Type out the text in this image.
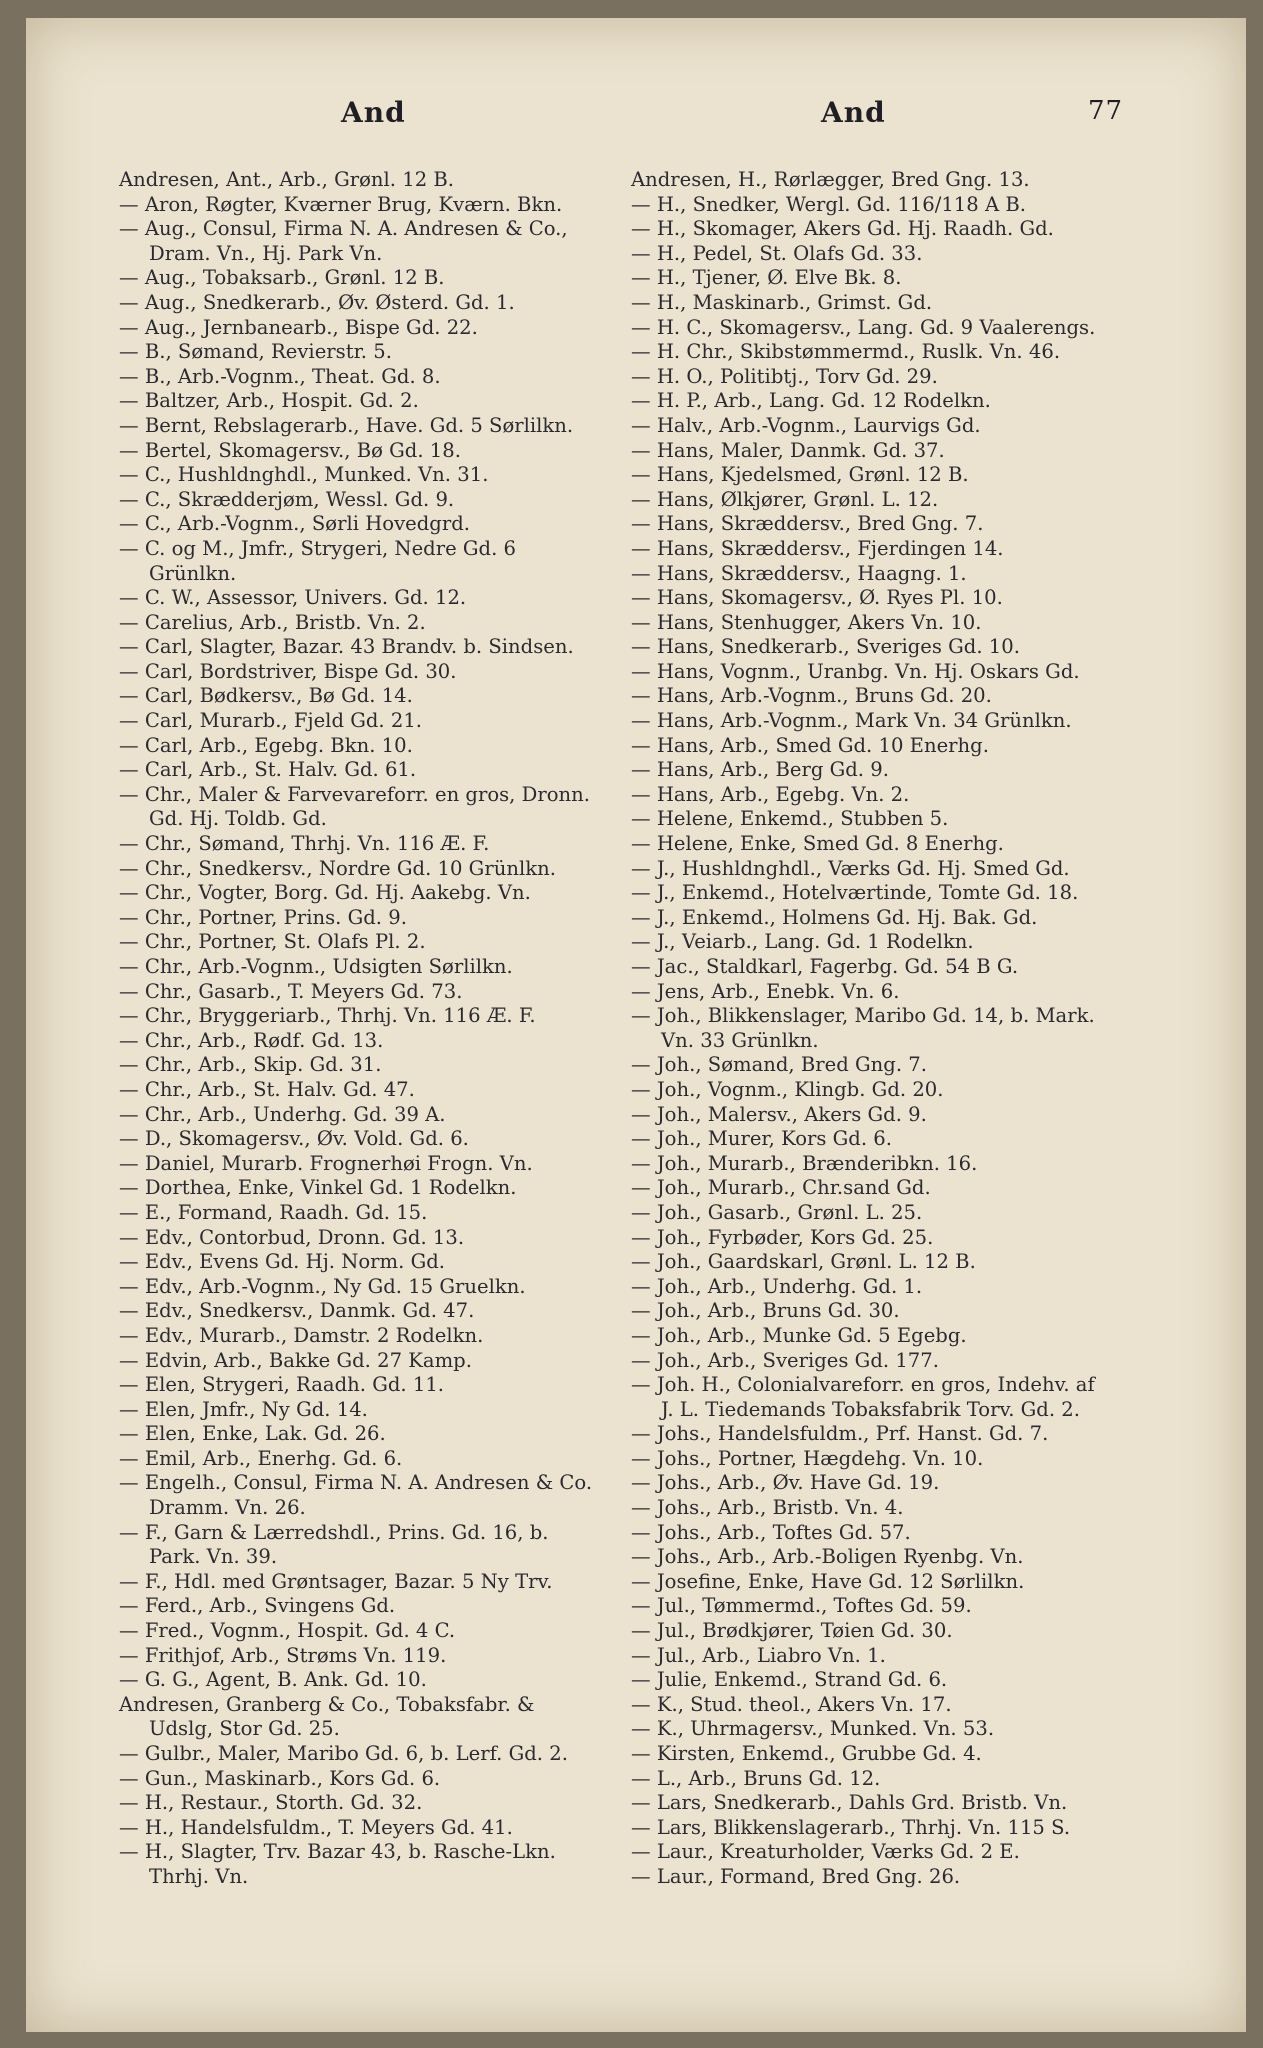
And	And	77
Andresen, Ant., Arb., Grønl. 12 B.
— Aron, Røgter, Kværner Brug, Kværn. Bkn.
— Aug., Consul, Firma N. A. Andresen & Co., Dram. Vn., Hj. Park Vn.
— Aug., Tobaksarb., Grønl. 12 B.
— Aug., Snedkerarb., Øv. Østerd. Gd. 1.
— Aug., Jernbanearb., Bispe Gd. 22.
— B., Sømand, Revierstr. 5.
— B., Arb.-Vognm., Theat. Gd. 8.
— Baltzer, Arb., Hospit. Gd. 2.
— Bernt, Rebslagerarb., Have. Gd. 5 Sørlilkn.
— Bertel, Skomagersv., Bø Gd. 18.
— C., Hushldnghdl., Munked. Vn. 31.
— C., Skrædderjøm, Wessl. Gd. 9.
— C., Arb.-Vognm., Sørli Hovedgrd.
— C. og M., Jmfr., Strygeri, Nedre Gd. 6 Grünlkn.
— C. W., Assessor, Univers. Gd. 12.
— Carelius, Arb., Bristb. Vn. 2.
— Carl, Slagter, Bazar. 43 Brandv. b. Sindsen.
— Carl, Bordstriver, Bispe Gd. 30.
— Carl, Bødkersv., Bø Gd. 14.
— Carl, Murarb., Fjeld Gd. 21.
— Carl, Arb., Egebg. Bkn. 10.
— Carl, Arb., St. Halv. Gd. 61.
— Chr., Maler & Farvevareforr. en gros, Dronn. Gd. Hj. Toldb. Gd.
— Chr., Sømand, Thrhj. Vn. 116 Æ. F.
— Chr., Snedkersv., Nordre Gd. 10 Grünlkn.
— Chr., Vogter, Borg. Gd. Hj. Aakebg. Vn.
— Chr., Portner, Prins. Gd. 9.
— Chr., Portner, St. Olafs Pl. 2.
— Chr., Arb.-Vognm., Udsigten Sørlilkn.
— Chr., Gasarb., T. Meyers Gd. 73.
— Chr., Bryggeriarb., Thrhj. Vn. 116 Æ. F.
— Chr., Arb., Rødf. Gd. 13.
— Chr., Arb., Skip. Gd. 31.
— Chr., Arb., St. Halv. Gd. 47.
— Chr., Arb., Underhg. Gd. 39 A.
— D., Skomagersv., Øv. Vold. Gd. 6.
— Daniel, Murarb. Frognerhøi Frogn. Vn.
— Dorthea, Enke, Vinkel Gd. 1 Rodelkn.
— E., Formand, Raadh. Gd. 15.
— Edv., Contorbud, Dronn. Gd. 13.
— Edv., Evens Gd. Hj. Norm. Gd.
— Edv., Arb.-Vognm., Ny Gd. 15 Gruelkn.
— Edv., Snedkersv., Danmk. Gd. 47.
— Edv., Murarb., Damstr. 2 Rodelkn.
— Edvin, Arb., Bakke Gd. 27 Kamp.
— Elen, Strygeri, Raadh. Gd. 11.
— Elen, Jmfr., Ny Gd. 14.
— Elen, Enke, Lak. Gd. 26.
— Emil, Arb., Enerhg. Gd. 6.
— Engelh., Consul, Firma N. A. Andresen & Co. Dramm. Vn. 26.
— F., Garn & Lærredshdl., Prins. Gd. 16, b. Park. Vn. 39.
— F., Hdl. med Grøntsager, Bazar. 5 Ny Trv.
— Ferd., Arb., Svingens Gd.
— Fred., Vognm., Hospit. Gd. 4 C.
— Frithjof, Arb., Strøms Vn. 119.
— G. G., Agent, B. Ank. Gd. 10.
Andresen, Granberg & Co., Tobaksfabr. & Udslg, Stor Gd. 25.
— Gulbr., Maler, Maribo Gd. 6, b. Lerf. Gd. 2.
— Gun., Maskinarb., Kors Gd. 6.
— H., Restaur., Storth. Gd. 32.
— H., Handelsfuldm., T. Meyers Gd. 41.
— H., Slagter, Trv. Bazar 43, b. Rasche-Lkn. Thrhj. Vn.
Andresen, H., Rørlægger, Bred Gng. 13.
— H., Snedker, Wergl. Gd. 116/118 A B.
— H., Skomager, Akers Gd. Hj. Raadh. Gd.
— H., Pedel, St. Olafs Gd. 33.
— H., Tjener, Ø. Elve Bk. 8.
— H., Maskinarb., Grimst. Gd.
— H. C., Skomagersv., Lang. Gd. 9 Vaalerengs.
— H. Chr., Skibstømmermd., Ruslk. Vn. 46.
— H. O., Politibtj., Torv Gd. 29.
— H. P., Arb., Lang. Gd. 12 Rodelkn.
— Halv., Arb.-Vognm., Laurvigs Gd.
— Hans, Maler, Danmk. Gd. 37.
— Hans, Kjedelsmed, Grønl. 12 B.
— Hans, Ølkjører, Grønl. L. 12.
— Hans, Skræddersv., Bred Gng. 7.
— Hans, Skræddersv., Fjerdingen 14.
— Hans, Skræddersv., Haagng. 1.
— Hans, Skomagersv., Ø. Ryes Pl. 10.
— Hans, Stenhugger, Akers Vn. 10.
— Hans, Snedkerarb., Sveriges Gd. 10.
— Hans, Vognm., Uranbg. Vn. Hj. Oskars Gd.
— Hans, Arb.-Vognm., Bruns Gd. 20.
— Hans, Arb.-Vognm., Mark Vn. 34 Grünlkn.
— Hans, Arb., Smed Gd. 10 Enerhg.
— Hans, Arb., Berg Gd. 9.
— Hans, Arb., Egebg. Vn. 2.
— Helene, Enkemd., Stubben 5.
— Helene, Enke, Smed Gd. 8 Enerhg.
— J., Hushldnghdl., Værks Gd. Hj. Smed Gd.
— J., Enkemd., Hotelværtinde, Tomte Gd. 18.
— J., Enkemd., Holmens Gd. Hj. Bak. Gd.
— J., Veiarb., Lang. Gd. 1 Rodelkn.
— Jac., Staldkarl, Fagerbg. Gd. 54 B G.
— Jens, Arb., Enebk. Vn. 6.
— Joh., Blikkenslager, Maribo Gd. 14, b. Mark. Vn. 33 Grünlkn.
— Joh., Sømand, Bred Gng. 7.
— Joh., Vognm., Klingb. Gd. 20.
— Joh., Malersv., Akers Gd. 9.
— Joh., Murer, Kors Gd. 6.
— Joh., Murarb., Brænderibkn. 16.
— Joh., Murarb., Chr.sand Gd.
— Joh., Gasarb., Grønl. L. 25.
— Joh., Fyrbøder, Kors Gd. 25.
— Joh., Gaardskarl, Grønl. L. 12 B.
— Joh., Arb., Underhg. Gd. 1.
— Joh., Arb., Bruns Gd. 30.
— Joh., Arb., Munke Gd. 5 Egebg.
— Joh., Arb., Sveriges Gd. 177.
— Joh. H., Colonialvareforr. en gros, Indehv. af J. L. Tiedemands Tobaksfabrik Torv. Gd. 2.
— Johs., Handelsfuldm., Prf. Hanst. Gd. 7.
— Johs., Portner, Hægdehg. Vn. 10.
— Johs., Arb., Øv. Have Gd. 19.
— Johs., Arb., Bristb. Vn. 4.
— Johs., Arb., Toftes Gd. 57.
— Johs., Arb., Arb.-Boligen Ryenbg. Vn.
— Josefine, Enke, Have Gd. 12 Sørlilkn.
— Jul., Tømmermd., Toftes Gd. 59.
— Jul., Brødkjører, Tøien Gd. 30.
— Jul., Arb., Liabro Vn. 1.
— Julie, Enkemd., Strand Gd. 6.
— K., Stud. theol., Akers Vn. 17.
— K., Uhrmagersv., Munked. Vn. 53.
— Kirsten, Enkemd., Grubbe Gd. 4.
— L., Arb., Bruns Gd. 12.
— Lars, Snedkerarb., Dahls Grd. Bristb. Vn.
— Lars, Blikkenslagerarb., Thrhj. Vn. 115 S.
— Laur., Kreaturholder, Værks Gd. 2 E.
— Laur., Formand, Bred Gng. 26.
